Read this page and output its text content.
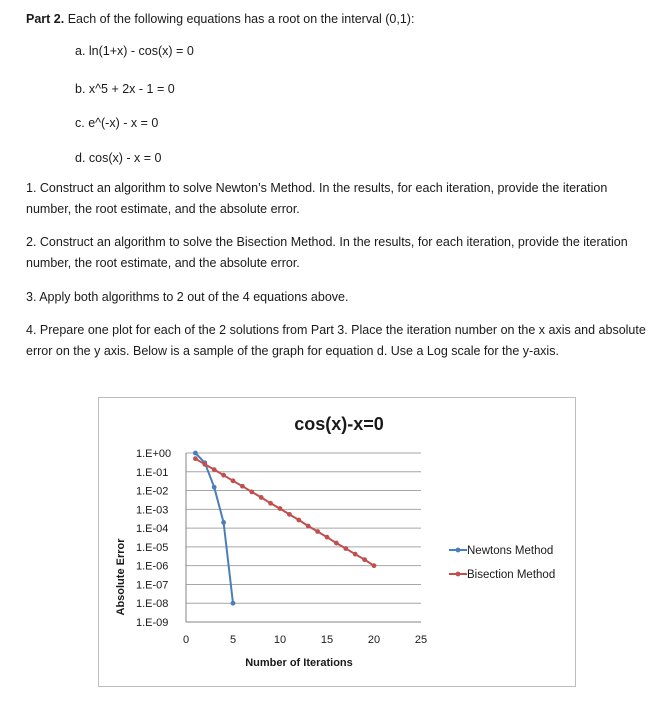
Part 2. Each of the following equations has a root on the interval (0,1):
a. ln(1+x) - cos(x) = 0
b. x^5 + 2x - 1 = 0
c. e^(-x) - x = 0
d. cos(x) - x = 0
1. Construct an algorithm to solve Newton’s Method. In the results, for each iteration, provide the iteration number, the root estimate, and the absolute error.
2. Construct an algorithm to solve the Bisection Method. In the results, for each iteration, provide the iteration number, the root estimate, and the absolute error.
3. Apply both algorithms to 2 out of the 4 equations above.
4. Prepare one plot for each of the 2 solutions from Part 3. Place the iteration number on the x axis and absolute error on the y axis. Below is a sample of the graph for equation d. Use a Log scale for the y-axis.
cos(x)-x=0
Absolute Error
Number of Iterations
1.E+00
1.E-01
1.E-02
1.E-03
1.E-04
1.E-05
1.E-06
1.E-07
1.E-08
1.E-09
0	5	10	15	20	25
Newtons Method
Bisection Method
